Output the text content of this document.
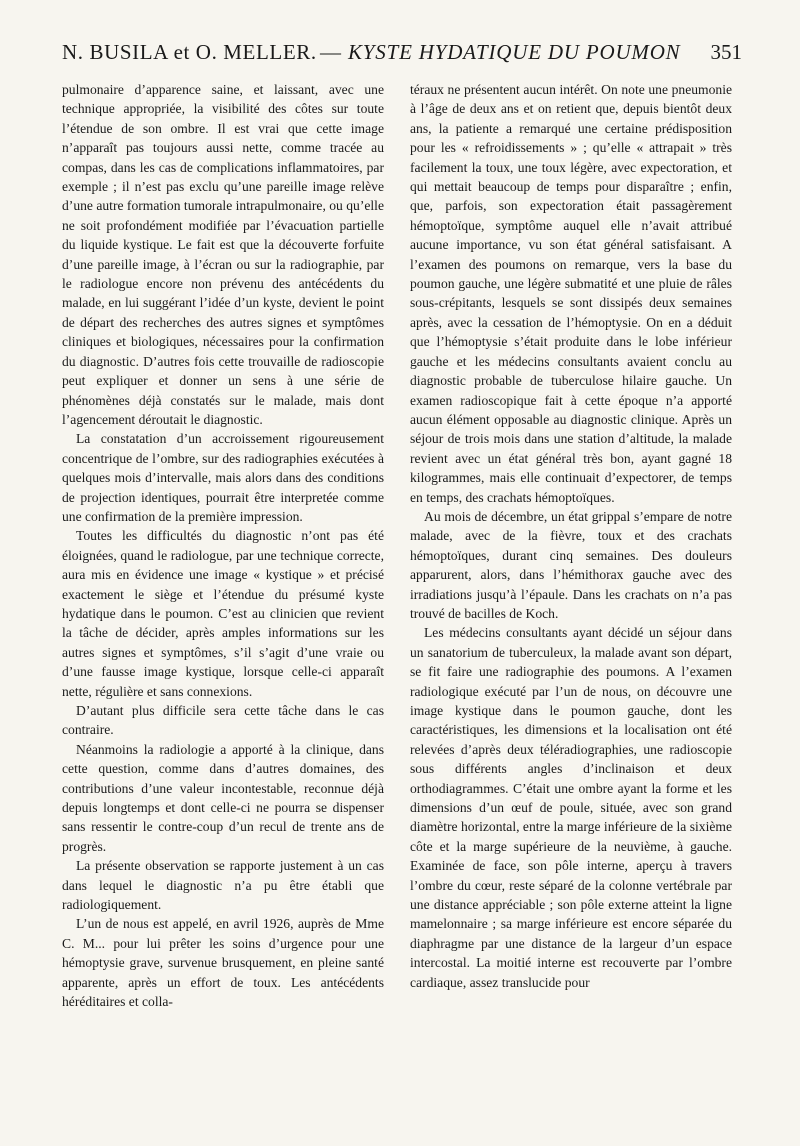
N. BUSILA et O. MELLER. — KYSTE HYDATIQUE DU POUMON 351

pulmonaire d’apparence saine, et laissant, avec une technique appropriée, la visibilité des côtes sur toute l’étendue de son ombre. Il est vrai que cette image n’apparaît pas toujours aussi nette, comme tracée au compas, dans les cas de complications inflammatoires, par exemple ; il n’est pas exclu qu’une pareille image relève d’une autre formation tumorale intrapulmonaire, ou qu’elle ne soit profondément modifiée par l’évacuation partielle du liquide kystique. Le fait est que la découverte forfuite d’une pareille image, à l’écran ou sur la radiographie, par le radiologue encore non prévenu des antécédents du malade, en lui suggérant l’idée d’un kyste, devient le point de départ des recherches des autres signes et symptômes cliniques et biologiques, nécessaires pour la confirmation du diagnostic. D’autres fois cette trouvaille de radioscopie peut expliquer et donner un sens à une série de phénomènes déjà constatés sur le malade, mais dont l’agencement déroutait le diagnostic.

La constatation d’un accroissement rigoureusement concentrique de l’ombre, sur des radiographies exécutées à quelques mois d’intervalle, mais alors dans des conditions de projection identiques, pourrait être interpretée comme une confirmation de la première impression.

Toutes les difficultés du diagnostic n’ont pas été éloignées, quand le radiologue, par une technique correcte, aura mis en évidence une image « kystique » et précisé exactement le siège et l’étendue du présumé kyste hydatique dans le poumon. C’est au clinicien que revient la tâche de décider, après amples informations sur les autres signes et symptômes, s’il s’agit d’une vraie ou d’une fausse image kystique, lorsque celle-ci apparaît nette, régulière et sans connexions.

D’autant plus difficile sera cette tâche dans le cas contraire.

Néanmoins la radiologie a apporté à la clinique, dans cette question, comme dans d’autres domaines, des contributions d’une valeur incontestable, reconnue déjà depuis longtemps et dont celle-ci ne pourra se dispenser sans ressentir le contre-coup d’un recul de trente ans de progrès.

La présente observation se rapporte justement à un cas dans lequel le diagnostic n’a pu être établi que radiologiquement.

L’un de nous est appelé, en avril 1926, auprès de Mme C. M... pour lui prêter les soins d’urgence pour une hémoptysie grave, survenue brusquement, en pleine santé apparente, après un effort de toux. Les antécédents héréditaires et colla-

téraux ne présentent aucun intérêt. On note une pneumonie à l’âge de deux ans et on retient que, depuis bientôt deux ans, la patiente a remarqué une certaine prédisposition pour les « refroidissements » ; qu’elle « attrapait » très facilement la toux, une toux légère, avec expectoration, et qui mettait beaucoup de temps pour disparaître ; enfin, que, parfois, son expectoration était passagèrement hémoptoïque, symptôme auquel elle n’avait attribué aucune importance, vu son état général satisfaisant. A l’examen des poumons on remarque, vers la base du poumon gauche, une légère submatité et une pluie de râles sous-crépitants, lesquels se sont dissipés deux semaines après, avec la cessation de l’hémoptysie. On en a déduit que l’hémoptysie s’était produite dans le lobe inférieur gauche et les médecins consultants avaient conclu au diagnostic probable de tuberculose hilaire gauche. Un examen radioscopique fait à cette époque n’a apporté aucun élément opposable au diagnostic clinique. Après un séjour de trois mois dans une station d’altitude, la malade revient avec un état général très bon, ayant gagné 18 kilogrammes, mais elle continuait d’expectorer, de temps en temps, des crachats hémoptoïques.

Au mois de décembre, un état grippal s’empare de notre malade, avec de la fièvre, toux et des crachats hémoptoïques, durant cinq semaines. Des douleurs apparurent, alors, dans l’hémithorax gauche avec des irradiations jusqu’à l’épaule. Dans les crachats on n’a pas trouvé de bacilles de Koch.

Les médecins consultants ayant décidé un séjour dans un sanatorium de tuberculeux, la malade avant son départ, se fit faire une radiographie des poumons. A l’examen radiologique exécuté par l’un de nous, on découvre une image kystique dans le poumon gauche, dont les caractéristiques, les dimensions et la localisation ont été relevées d’après deux téléradiographies, une radioscopie sous différents angles d’inclinaison et deux orthodiagrammes. C’était une ombre ayant la forme et les dimensions d’un œuf de poule, située, avec son grand diamètre horizontal, entre la marge inférieure de la sixième côte et la marge supérieure de la neuvième, à gauche. Examinée de face, son pôle interne, aperçu à travers l’ombre du cœur, reste séparé de la colonne vertébrale par une distance appréciable ; son pôle externe atteint la ligne mamelonnaire ; sa marge inférieure est encore séparée du diaphragme par une distance de la largeur d’un espace intercostal. La moitié interne est recouverte par l’ombre cardiaque, assez translucide pour
